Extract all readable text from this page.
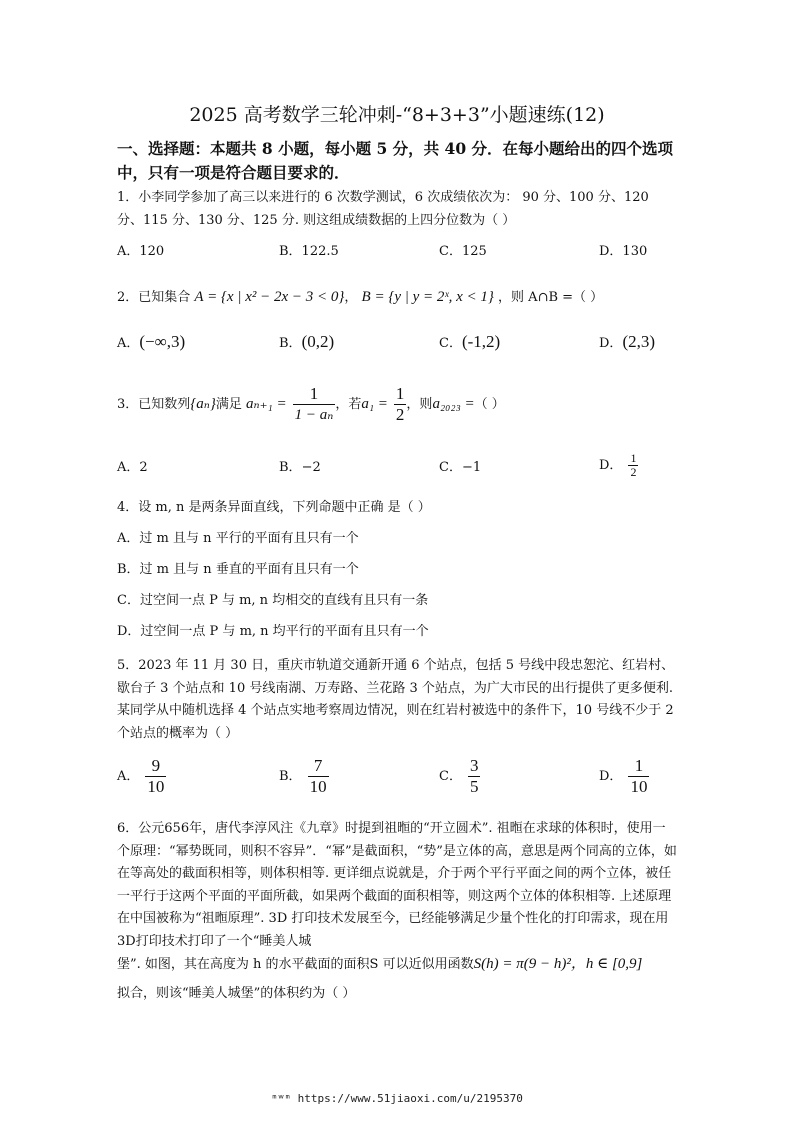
2025 高考数学三轮冲刺-“8+3+3”小题速练(12)
一、选择题：本题共 8 小题，每小题 5 分，共 40 分．在每小题给出的四个选项中，只有一项是符合题目要求的．
1．小李同学参加了高三以来进行的 6 次数学测试，6 次成绩依次为： 90 分、100 分、120 分、115 分、130 分、125 分. 则这组成绩数据的上四分位数为（ ）
A．120	B．122.5	C．125	D．130
2．已知集合 A = {x | x² − 2x − 3 < 0}， B = {y | y = 2ˣ, x < 1} ，则 A∩B =（ ）
A．(−∞,3)	B．(0,2)	C．(-1,2)	D．(2,3)
3．已知数列{aₙ}满足 $a_{n+1} = \frac{1}{\text{1 − aₙ}}$ ，若$a_1 = \frac{1}{2}$ ，则a₂₀₂₃ =（ ）
A．2	B．−2	C．−1	D． $\frac{1}{2}$
4．设 m, n 是两条异面直线，下列命题中正确 是（ ）
A．过 m 且与 n 平行的平面有且只有一个
B．过 m 且与 n 垂直的平面有且只有一个
C．过空间一点 P 与 m, n 均相交的直线有且只有一条
D．过空间一点 P 与 m, n 均平行的平面有且只有一个
5．2023 年 11 月 30 日，重庆市轨道交通新开通 6 个站点，包括 5 号线中段忠恕沱、红岩村、歇台子 3 个站点和 10 号线南湖、万寿路、兰花路 3 个站点，为广大市民的出行提供了更多便利. 某同学从中随机选择 4 个站点实地考察周边情况，则在红岩村被选中的条件下，10 号线不少于 2 个站点的概率为（ ）
A． $\frac{9}{10}$	B． $\frac{7}{10}$	C． $\frac{3}{5}$	D． $\frac{1}{10}$
6．公元656年，唐代李淳风注《九章》时提到祖暅的“开立圆术”. 祖暅在求球的体积时，使用一个原理：“幂势既同，则积不容异”．“幂”是截面积，“势”是立体的高，意思是两个同高的立体，如在等高处的截面积相等，则体积相等. 更详细点说就是，介于两个平行平面之间的两个立体，被任一平行于这两个平面的平面所截，如果两个截面的面积相等，则这两个立体的体积相等. 上述原理在中国被称为“祖暅原理”. 3D 打印技术发展至今，已经能够满足少量个性化的打印需求，现在用3D打印技术打印了一个“睡美人城
堡”. 如图，其在高度为 h 的水平截面的面积S 可以近似用函数S(h) = π(9 − h)²，h ∈ [0,9]
拟合，则该“睡美人城堡”的体积约为（ ）
ᵐʷᵐ https://www.51jiaoxi.com/u/2195370
